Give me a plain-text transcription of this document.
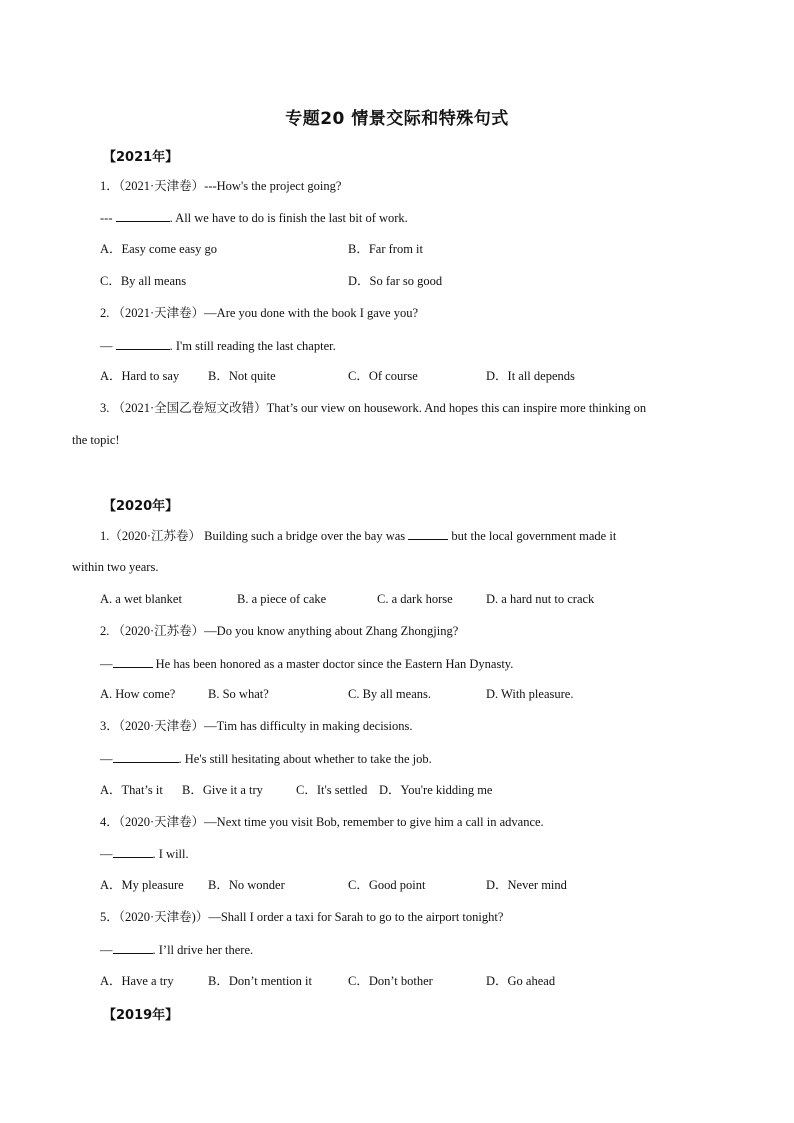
专题20 情景交际和特殊句式
【2021年】
1．（2021·天津卷）---How's the project going?
---	. All we have to do is finish the last bit of work.
A．Easy come easy go	B．Far from it
C．By all means	D．So far so good
2. （2021·天津卷）—Are you done with the book I gave you?
—	. I'm still reading the last chapter.
A．Hard to say B．Not quite	C．Of course	D．It all depends
3. （2021·全国乙卷短文改错）That’s our view on housework. And hopes this can inspire more thinking on
the topic!
【2020年】
1.（2020·江苏卷） Building such a bridge over the bay was	but the local government made it
within two years.
A. a wet blanket	B. a piece of cake	C. a dark horse	D. a hard nut to crack
2. （2020·江苏卷）—Do you know anything about Zhang Zhongjing?
—	He has been honored as a master doctor since the Eastern Han Dynasty.
A. How come?	B. So what?	C. By all means.	D. With pleasure.
3．（2020·天津卷）—Tim has difficulty in making decisions.
—	. He's still hesitating about whether to take the job.
A．That’s it B．Give it a try	C．It's settled D．You're kidding me
4．（2020·天津卷）—Next time you visit Bob, remember to give him a call in advance.
—	. I will.
A．My pleasure B．No wonder	C．Good point	D．Never mind
5．（2020·天津卷)）—Shall I order a taxi for Sarah to go to the airport tonight?
—	. I’ll drive her there.
A．Have a try	B．Don’t mention it	C．Don’t bother	D．Go ahead
【2019年】
